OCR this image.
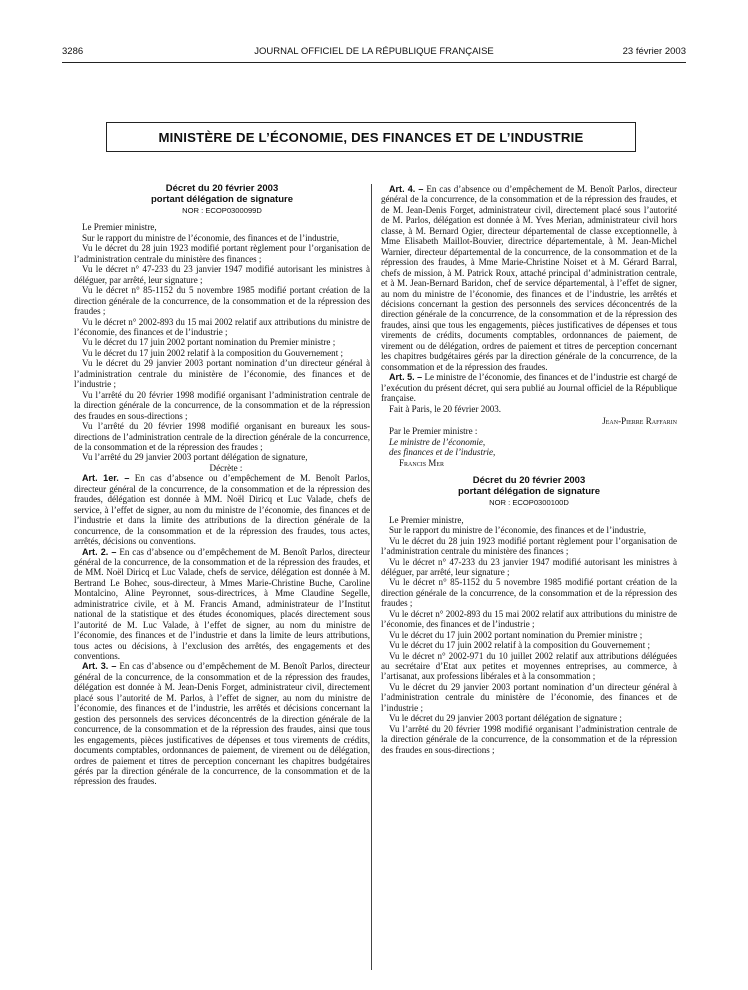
3286	JOURNAL OFFICIEL DE LA RÉPUBLIQUE FRANÇAISE	23 février 2003
MINISTÈRE DE L’ÉCONOMIE, DES FINANCES ET DE L’INDUSTRIE
Décret du 20 février 2003
portant délégation de signature
NOR : ECOP0300099D

Le Premier ministre,

Sur le rapport du ministre de l’économie, des finances et de l’industrie,

Vu le décret du 28 juin 1923 modifié portant règlement pour l’organisation de l’administration centrale du ministère des finances ;

Vu le décret n° 47-233 du 23 janvier 1947 modifié autorisant les ministres à déléguer, par arrêté, leur signature ;

Vu le décret n° 85-1152 du 5 novembre 1985 modifié portant création de la direction générale de la concurrence, de la consommation et de la répression des fraudes ;

Vu le décret n° 2002-893 du 15 mai 2002 relatif aux attributions du ministre de l’économie, des finances et de l’industrie ;

Vu le décret du 17 juin 2002 portant nomination du Premier ministre ;

Vu le décret du 17 juin 2002 relatif à la composition du Gouvernement ;

Vu le décret du 29 janvier 2003 portant nomination d’un directeur général à l’administration centrale du ministère de l’économie, des finances et de l’industrie ;

Vu l’arrêté du 20 février 1998 modifié organisant l’administration centrale de la direction générale de la concurrence, de la consommation et de la répression des fraudes en sous-directions ;

Vu l’arrêté du 20 février 1998 modifié organisant en bureaux les sous-directions de l’administration centrale de la direction générale de la concurrence, de la consommation et de la répression des fraudes ;

Vu l’arrêté du 29 janvier 2003 portant délégation de signature,

Décrète :

Art. 1er. – En cas d’absence ou d’empêchement de M. Benoît Parlos, directeur général de la concurrence, de la consommation et de la répression des fraudes, délégation est donnée à MM. Noël Diricq et Luc Valade, chefs de service, à l’effet de signer, au nom du ministre de l’économie, des finances et de l’industrie et dans la limite des attributions de la direction générale de la concurrence, de la consommation et de la répression des fraudes, tous actes, arrêtés, décisions ou conventions.

Art. 2. – En cas d’absence ou d’empêchement de M. Benoît Parlos, directeur général de la concurrence, de la consommation et de la répression des fraudes, et de MM. Noël Diricq et Luc Valade, chefs de service, délégation est donnée à M. Bertrand Le Bohec, sous-directeur, à Mmes Marie-Christine Buche, Caroline Montalcino, Aline Peyronnet, sous-directrices, à Mme Claudine Segelle, administratrice civile, et à M. Francis Amand, administrateur de l’Institut national de la statistique et des études économiques, placés directement sous l’autorité de M. Luc Valade, à l’effet de signer, au nom du ministre de l’économie, des finances et de l’industrie et dans la limite de leurs attributions, tous actes ou décisions, à l’exclusion des arrêtés, des engagements et des conventions.

Art. 3. – En cas d’absence ou d’empêchement de M. Benoît Parlos, directeur général de la concurrence, de la consommation et de la répression des fraudes, délégation est donnée à M. Jean-Denis Forget, administrateur civil, directement placé sous l’autorité de M. Parlos, à l’effet de signer, au nom du ministre de l’économie, des finances et de l’industrie, les arrêtés et décisions concernant la gestion des personnels des services déconcentrés de la direction générale de la concurrence, de la consommation et de la répression des fraudes, ainsi que tous les engagements, pièces justificatives de dépenses et tous virements de crédits, documents comptables, ordonnances de paiement, de virement ou de délégation, ordres de paiement et titres de perception concernant les chapitres budgétaires gérés par la direction générale de la concurrence, de la consommation et de la répression des fraudes.

Art. 4. – En cas d’absence ou d’empêchement de M. Benoît Parlos, directeur général de la concurrence, de la consommation et de la répression des fraudes, et de M. Jean-Denis Forget, administrateur civil, directement placé sous l’autorité de M. Parlos, délégation est donnée à M. Yves Merian, administrateur civil hors classe, à M. Bernard Ogier, directeur départemental de classe exceptionnelle, à Mme Elisabeth Maillot-Bouvier, directrice départementale, à M. Jean-Michel Warnier, directeur départemental de la concurrence, de la consommation et de la répression des fraudes, à Mme Marie-Christine Noiset et à M. Gérard Barral, chefs de mission, à M. Patrick Roux, attaché principal d’administration centrale, et à M. Jean-Bernard Baridon, chef de service départemental, à l’effet de signer, au nom du ministre de l’économie, des finances et de l’industrie, les arrêtés et décisions concernant la gestion des personnels des services déconcentrés de la direction générale de la concurrence, de la consommation et de la répression des fraudes, ainsi que tous les engagements, pièces justificatives de dépenses et tous virements de crédits, documents comptables, ordonnances de paiement, de virement ou de délégation, ordres de paiement et titres de perception concernant les chapitres budgétaires gérés par la direction générale de la concurrence, de la consommation et de la répression des fraudes.

Art. 5. – Le ministre de l’économie, des finances et de l’industrie est chargé de l’exécution du présent décret, qui sera publié au Journal officiel de la République française.

Fait à Paris, le 20 février 2003.

Jean-Pierre Raffarin

Par le Premier ministre :

Le ministre de l’économie,

des finances et de l’industrie,

Francis Mer

Décret du 20 février 2003
portant délégation de signature
NOR : ECOP0300100D

Le Premier ministre,

Sur le rapport du ministre de l’économie, des finances et de l’industrie,

Vu le décret du 28 juin 1923 modifié portant règlement pour l’organisation de l’administration centrale du ministère des finances ;

Vu le décret n° 47-233 du 23 janvier 1947 modifié autorisant les ministres à déléguer, par arrêté, leur signature ;

Vu le décret n° 85-1152 du 5 novembre 1985 modifié portant création de la direction générale de la concurrence, de la consommation et de la répression des fraudes ;

Vu le décret n° 2002-893 du 15 mai 2002 relatif aux attributions du ministre de l’économie, des finances et de l’industrie ;

Vu le décret du 17 juin 2002 portant nomination du Premier ministre ;

Vu le décret du 17 juin 2002 relatif à la composition du Gouvernement ;

Vu le décret n° 2002-971 du 10 juillet 2002 relatif aux attributions déléguées au secrétaire d’Etat aux petites et moyennes entreprises, au commerce, à l’artisanat, aux professions libérales et à la consommation ;

Vu le décret du 29 janvier 2003 portant nomination d’un directeur général à l’administration centrale du ministère de l’économie, des finances et de l’industrie ;

Vu le décret du 29 janvier 2003 portant délégation de signature ;

Vu l’arrêté du 20 février 1998 modifié organisant l’administration centrale de la direction générale de la concurrence, de la consommation et de la répression des fraudes en sous-directions ;
